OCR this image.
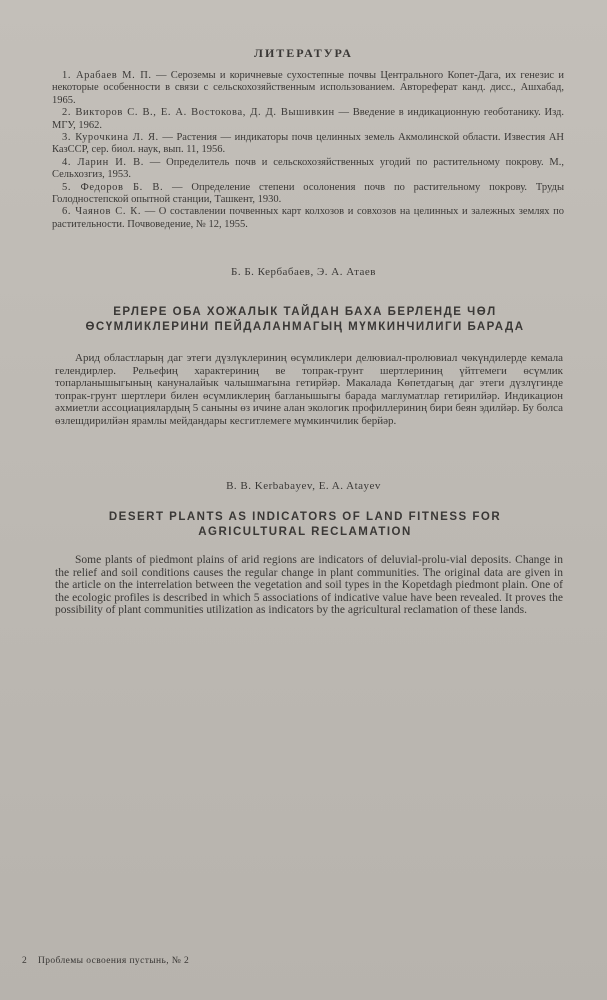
ЛИТЕРАТУРА
1. Арабаев М. П. — Сероземы и коричневые сухостепные почвы Центрального Копет-Дага, их генезис и некоторые особенности в связи с сельскохозяйственным использованием. Автореферат канд. дисс., Ашхабад, 1965.
2. Викторов С. В., Е. А. Востокова, Д. Д. Вышивкин — Введение в индикационную геоботанику. Изд. МГУ, 1962.
3. Курочкина Л. Я. — Растения — индикаторы почв целинных земель Акмолинской области. Известия АН КазССР, сер. биол. наук, вып. 11, 1956.
4. Ларин И. В. — Определитель почв и сельскохозяйственных угодий по растительному покрову. М., Сельхозгиз, 1953.
5. Федоров Б. В. — Определение степени осолонения почв по растительному покрову. Труды Голодностепской опытной станции, Ташкент, 1930.
6. Чаянов С. К. — О составлении почвенных карт колхозов и совхозов на целинных и залежных землях по растительности. Почвоведение, № 12, 1955.
Б. Б. Кербабаев, Э. А. Атаев
ЕРЛЕРЕ ОБА ХОЖАЛЫК ТАЙДАН БАХА БЕРЛЕНДЕ ЧӨЛ
ӨСҮМЛИКЛЕРИНИ ПЕЙДАЛАНМАГЫҢ МҮМКИНЧИЛИГИ БАРАДА

Арид областларыӊ даг этеги дүзлүклериниң өсүмликлери делювиал-пролювиал чөкүндилерде кемала гелендирлер. Рельефиң характериниң ве топрак-грунт шертлериниң үйтгемеги өсүмлик топарланышыгының кануналайык чалышмагына гетирйәр. Макалада Көпетдагың даг этеги дүзлүгинде топрак-грунт шертлери билен өсүмликлериң багланышыгы барада маглуматлар гетирилйәр. Индикацион әхмиетли ассоциациялардың 5 саныны өз ичине алан экологик профиллериниң бири беян эдилйәр. Бу болса өзлешдирилйән ярамлы мейдандары кесгитлемеге мүмкинчилик берйәр.

B. B. Kerbabayev, E. A. Atayev
DESERT PLANTS AS INDICATORS OF LAND FITNESS FOR
AGRICULTURAL RECLAMATION

Some plants of piedmont plains of arid regions are indicators of deluvial-prolu-vial deposits. Change in the relief and soil conditions causes the regular change in plant communities. The original data are given in the article on the interrelation between the vegetation and soil types in the Kopetdagh piedmont plain. One of the ecologic profiles is described in which 5 associations of indicative value have been revealed. It proves the possibility of plant communities utilization as indicators by the agricultural reclamation of these lands.

2 Проблемы освоения пустынь, № 2
